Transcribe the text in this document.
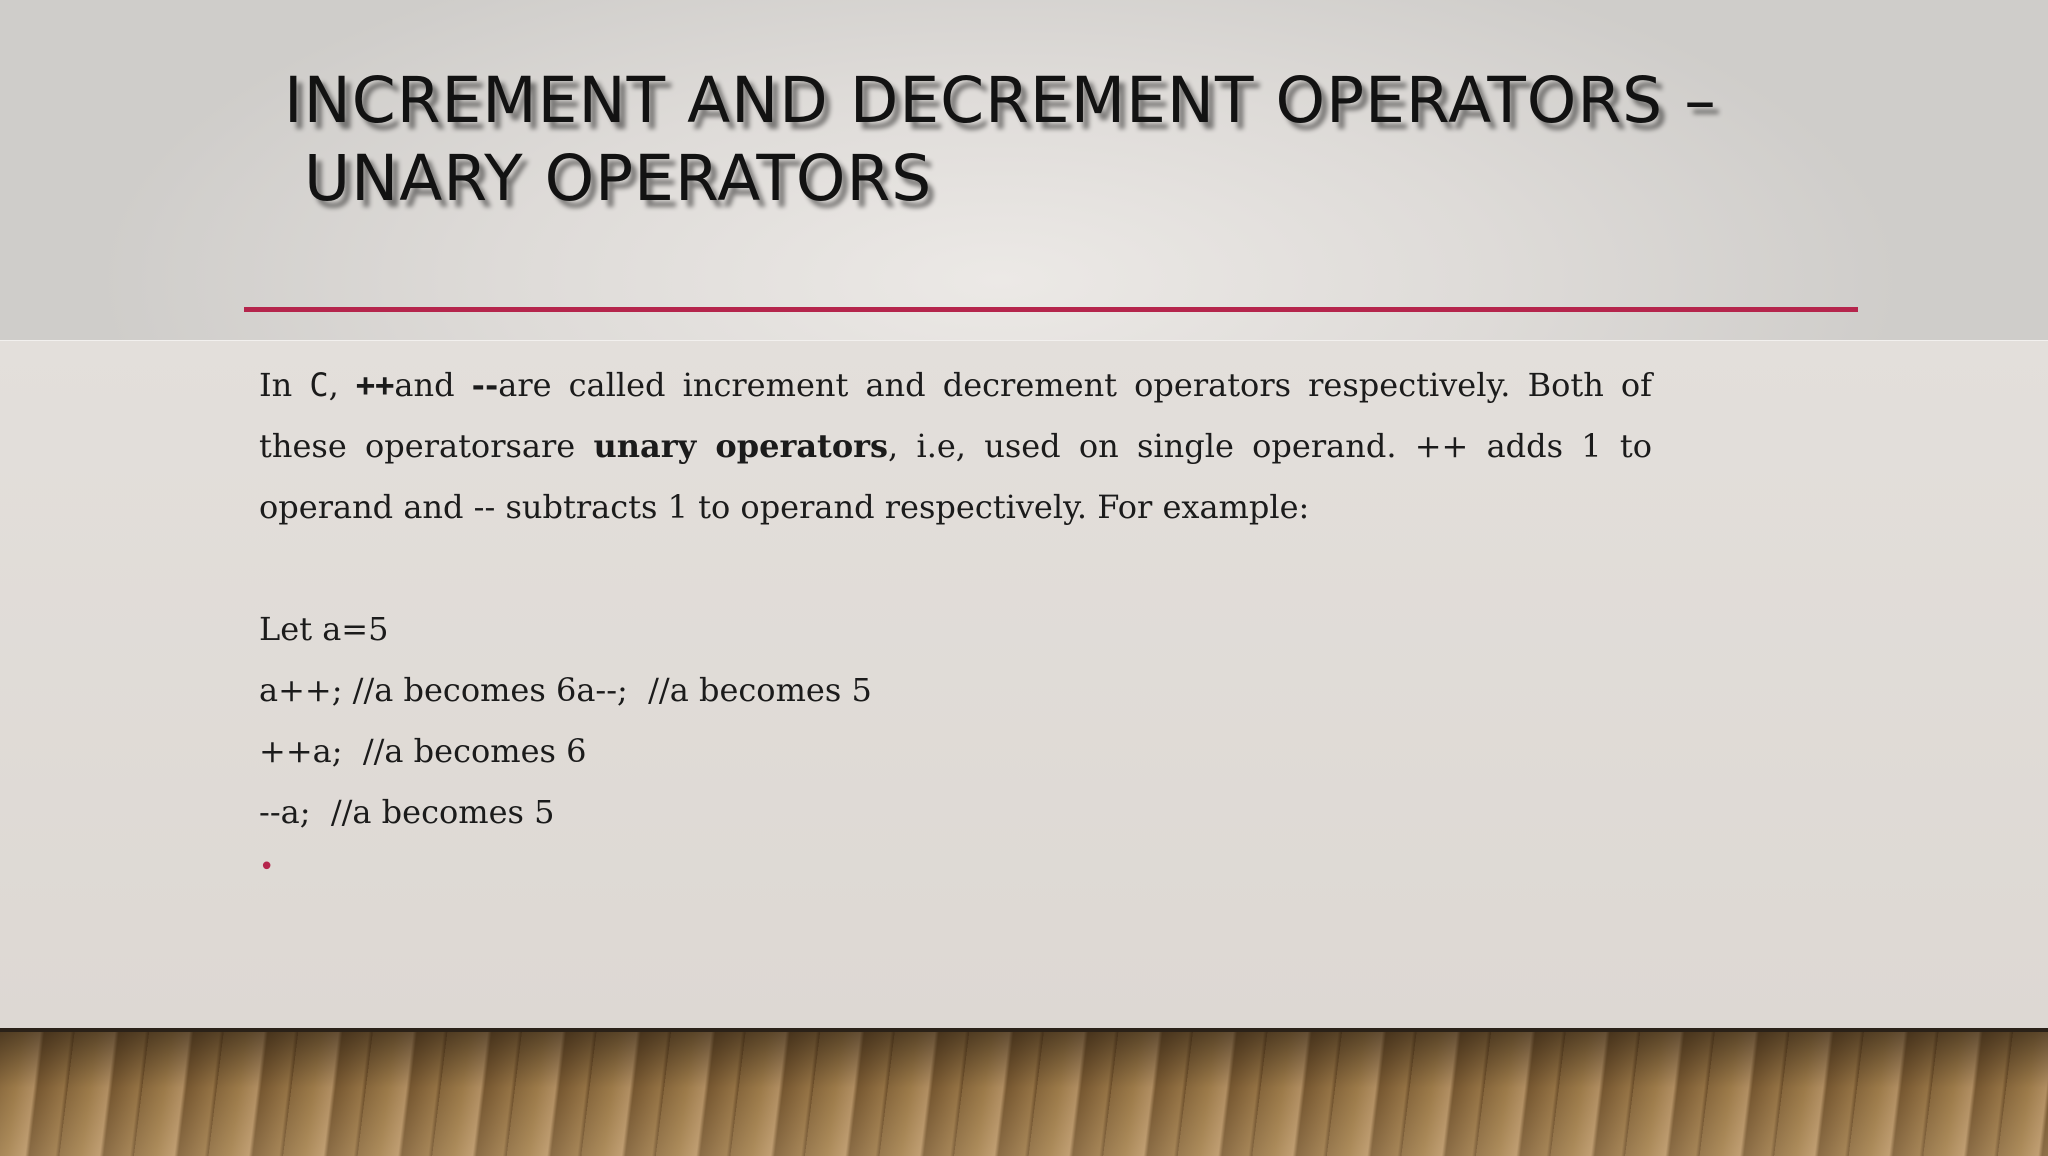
INCREMENT AND DECREMENT OPERATORS –
UNARY OPERATORS

In C, ++and --are called increment and decrement operators respectively. Both of these operatorsare unary operators, i.e, used on single operand. ++ adds 1 to operand and -- subtracts 1 to operand respectively. For example:

Let a=5

a++; //a becomes 6a--;  //a becomes 5

++a;  //a becomes 6

--a;  //a becomes 5

•
